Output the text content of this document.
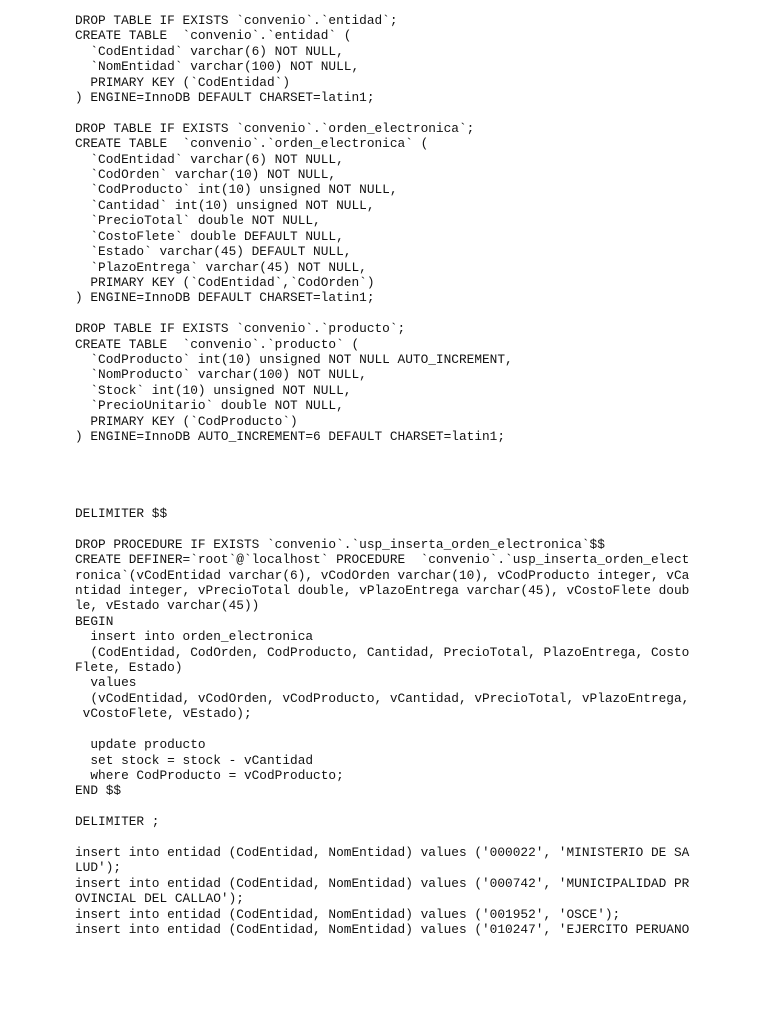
DROP TABLE IF EXISTS `convenio`.`entidad`;
CREATE TABLE  `convenio`.`entidad` (
`CodEntidad` varchar(6) NOT NULL,
`NomEntidad` varchar(100) NOT NULL,
PRIMARY KEY (`CodEntidad`)
) ENGINE=InnoDB DEFAULT CHARSET=latin1;
DROP TABLE IF EXISTS `convenio`.`orden_electronica`;
CREATE TABLE  `convenio`.`orden_electronica` (
`CodEntidad` varchar(6) NOT NULL,
`CodOrden` varchar(10) NOT NULL,
`CodProducto` int(10) unsigned NOT NULL,
`Cantidad` int(10) unsigned NOT NULL,
`PrecioTotal` double NOT NULL,
`CostoFlete` double DEFAULT NULL,
`Estado` varchar(45) DEFAULT NULL,
`PlazoEntrega` varchar(45) NOT NULL,
PRIMARY KEY (`CodEntidad`,`CodOrden`)
) ENGINE=InnoDB DEFAULT CHARSET=latin1;
DROP TABLE IF EXISTS `convenio`.`producto`;
CREATE TABLE  `convenio`.`producto` (
`CodProducto` int(10) unsigned NOT NULL AUTO_INCREMENT,
`NomProducto` varchar(100) NOT NULL,
`Stock` int(10) unsigned NOT NULL,
`PrecioUnitario` double NOT NULL,
PRIMARY KEY (`CodProducto`)
) ENGINE=InnoDB AUTO_INCREMENT=6 DEFAULT CHARSET=latin1;
DELIMITER $$
DROP PROCEDURE IF EXISTS `convenio`.`usp_inserta_orden_electronica`$$
CREATE DEFINER=`root`@`localhost` PROCEDURE  `convenio`.`usp_inserta_orden_elect
ronica`(vCodEntidad varchar(6), vCodOrden varchar(10), vCodProducto integer, vCa
ntidad integer, vPrecioTotal double, vPlazoEntrega varchar(45), vCostoFlete doub
le, vEstado varchar(45))
BEGIN
insert into orden_electronica
(CodEntidad, CodOrden, CodProducto, Cantidad, PrecioTotal, PlazoEntrega, Costo
Flete, Estado)
values
(vCodEntidad, vCodOrden, vCodProducto, vCantidad, vPrecioTotal, vPlazoEntrega,
vCostoFlete, vEstado);
update producto
set stock = stock - vCantidad
where CodProducto = vCodProducto;
END $$
DELIMITER ;
insert into entidad (CodEntidad, NomEntidad) values ('000022', 'MINISTERIO DE SA
LUD');
insert into entidad (CodEntidad, NomEntidad) values ('000742', 'MUNICIPALIDAD PR
OVINCIAL DEL CALLAO');
insert into entidad (CodEntidad, NomEntidad) values ('001952', 'OSCE');
insert into entidad (CodEntidad, NomEntidad) values ('010247', 'EJERCITO PERUANO
